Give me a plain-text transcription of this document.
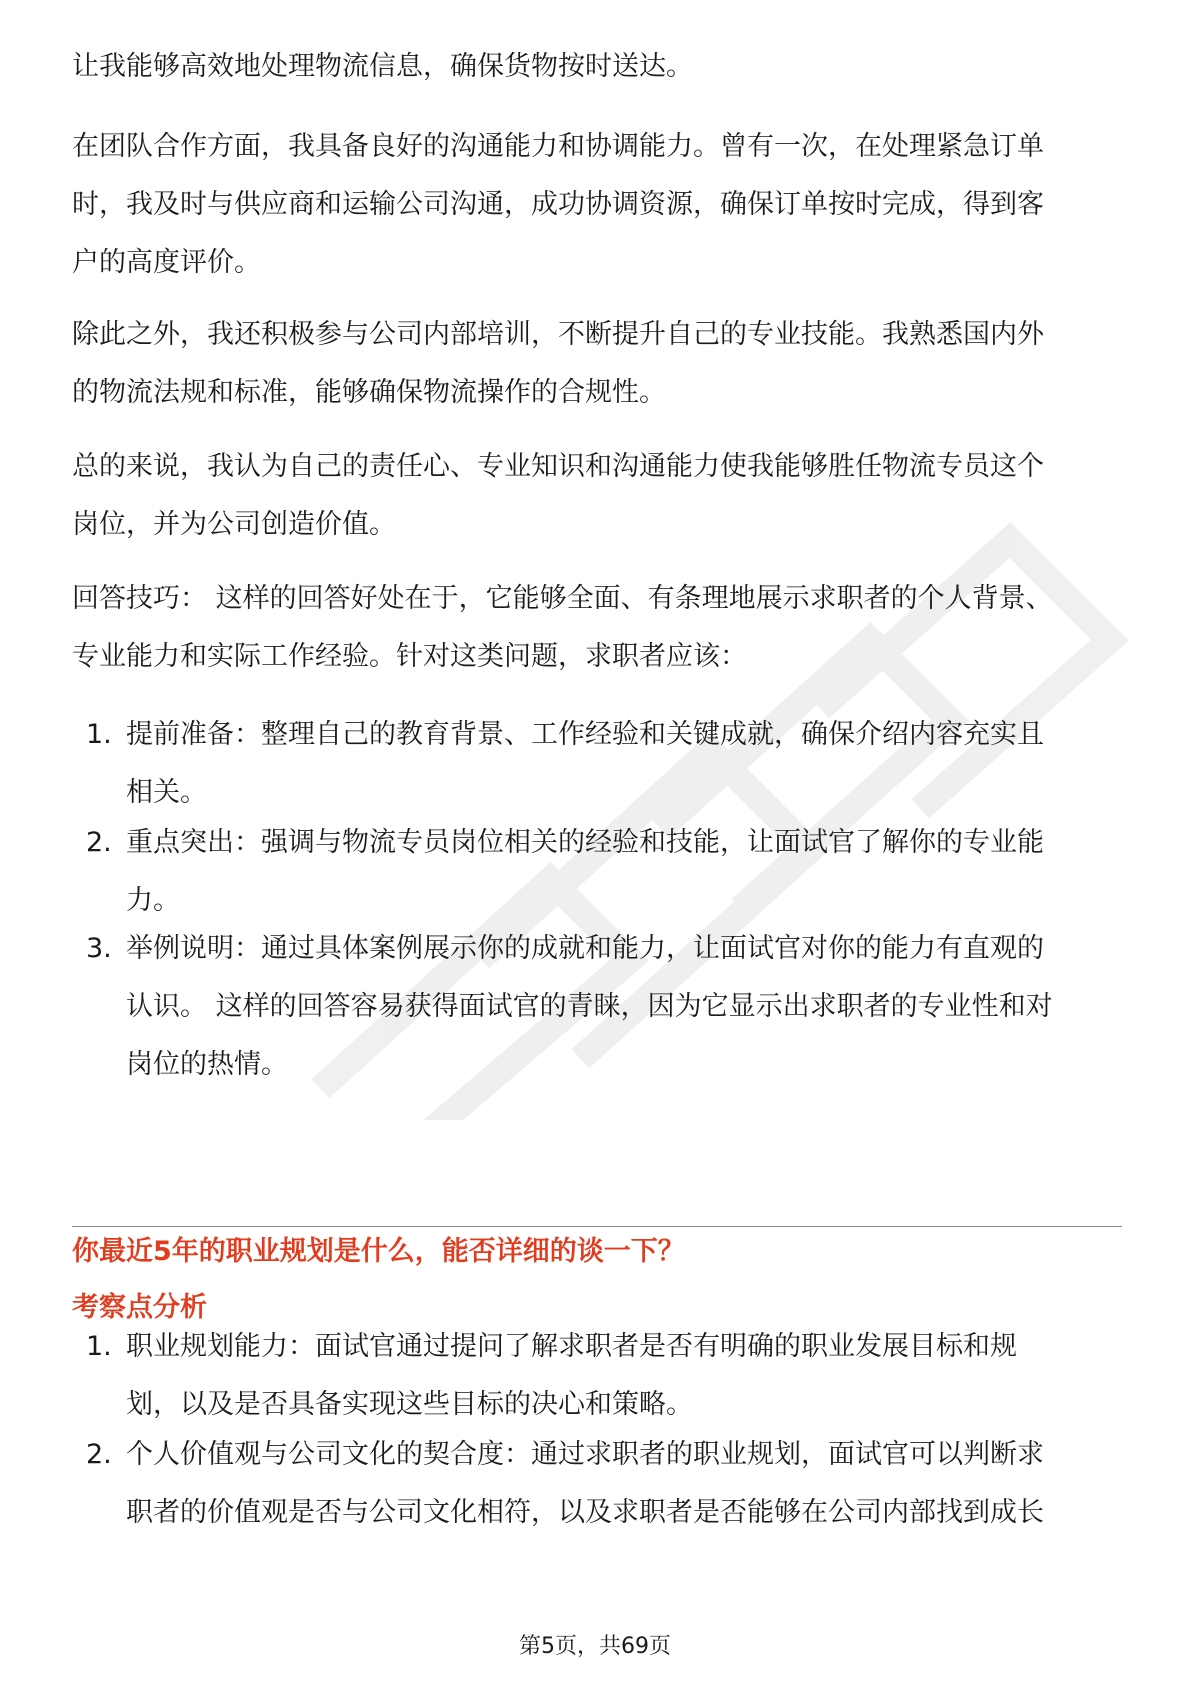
让我能够高效地处理物流信息，确保货物按时送达。
在团队合作方面，我具备良好的沟通能力和协调能力。曾有一次，在处理紧急订单
时，我及时与供应商和运输公司沟通，成功协调资源，确保订单按时完成，得到客
户的高度评价。
除此之外，我还积极参与公司内部培训，不断提升自己的专业技能。我熟悉国内外
的物流法规和标准，能够确保物流操作的合规性。
总的来说，我认为自己的责任心、专业知识和沟通能力使我能够胜任物流专员这个
岗位，并为公司创造价值。
回答技巧： 这样的回答好处在于，它能够全面、有条理地展示求职者的个人背景、
专业能力和实际工作经验。针对这类问题，求职者应该：
1. 提前准备：整理自己的教育背景、工作经验和关键成就，确保介绍内容充实且
相关。
2. 重点突出：强调与物流专员岗位相关的经验和技能，让面试官了解你的专业能
力。
3. 举例说明：通过具体案例展示你的成就和能力，让面试官对你的能力有直观的
认识。 这样的回答容易获得面试官的青睐，因为它显示出求职者的专业性和对
岗位的热情。
1. 职业规划能力：面试官通过提问了解求职者是否有明确的职业发展目标和规
划，以及是否具备实现这些目标的决心和策略。
2. 个人价值观与公司文化的契合度：通过求职者的职业规划，面试官可以判断求
职者的价值观是否与公司文化相符，以及求职者是否能够在公司内部找到成长
你最近5年的职业规划是什么，能否详细的谈一下？
考察点分析
第5页，共69页
